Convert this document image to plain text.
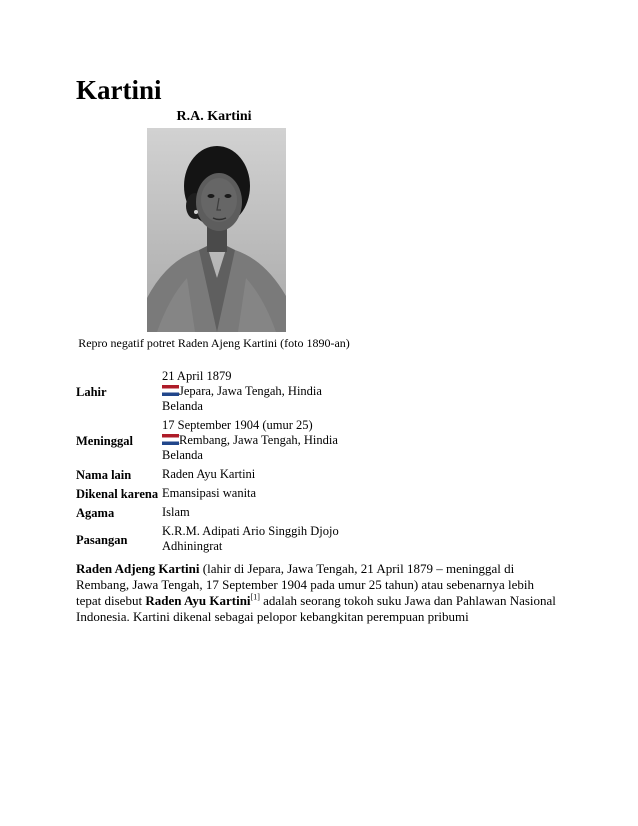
Kartini
R.A. Kartini
Repro negatif potret Raden Ajeng Kartini (foto 1890-an)
Lahir	21 April 1879
Jepara, Jawa Tengah, Hindia Belanda
Meninggal	17 September 1904 (umur 25)
Rembang, Jawa Tengah, Hindia Belanda
Nama lain	Raden Ayu Kartini
Dikenal karena	Emansipasi wanita
Agama	Islam
Pasangan	K.R.M. Adipati Ario Singgih Djojo Adhiningrat

Raden Adjeng Kartini (lahir di Jepara, Jawa Tengah, 21 April 1879 – meninggal di Rembang, Jawa Tengah, 17 September 1904 pada umur 25 tahun) atau sebenarnya lebih tepat disebut Raden Ayu Kartini[1] adalah seorang tokoh suku Jawa dan Pahlawan Nasional Indonesia. Kartini dikenal sebagai pelopor kebangkitan perempuan pribumi
